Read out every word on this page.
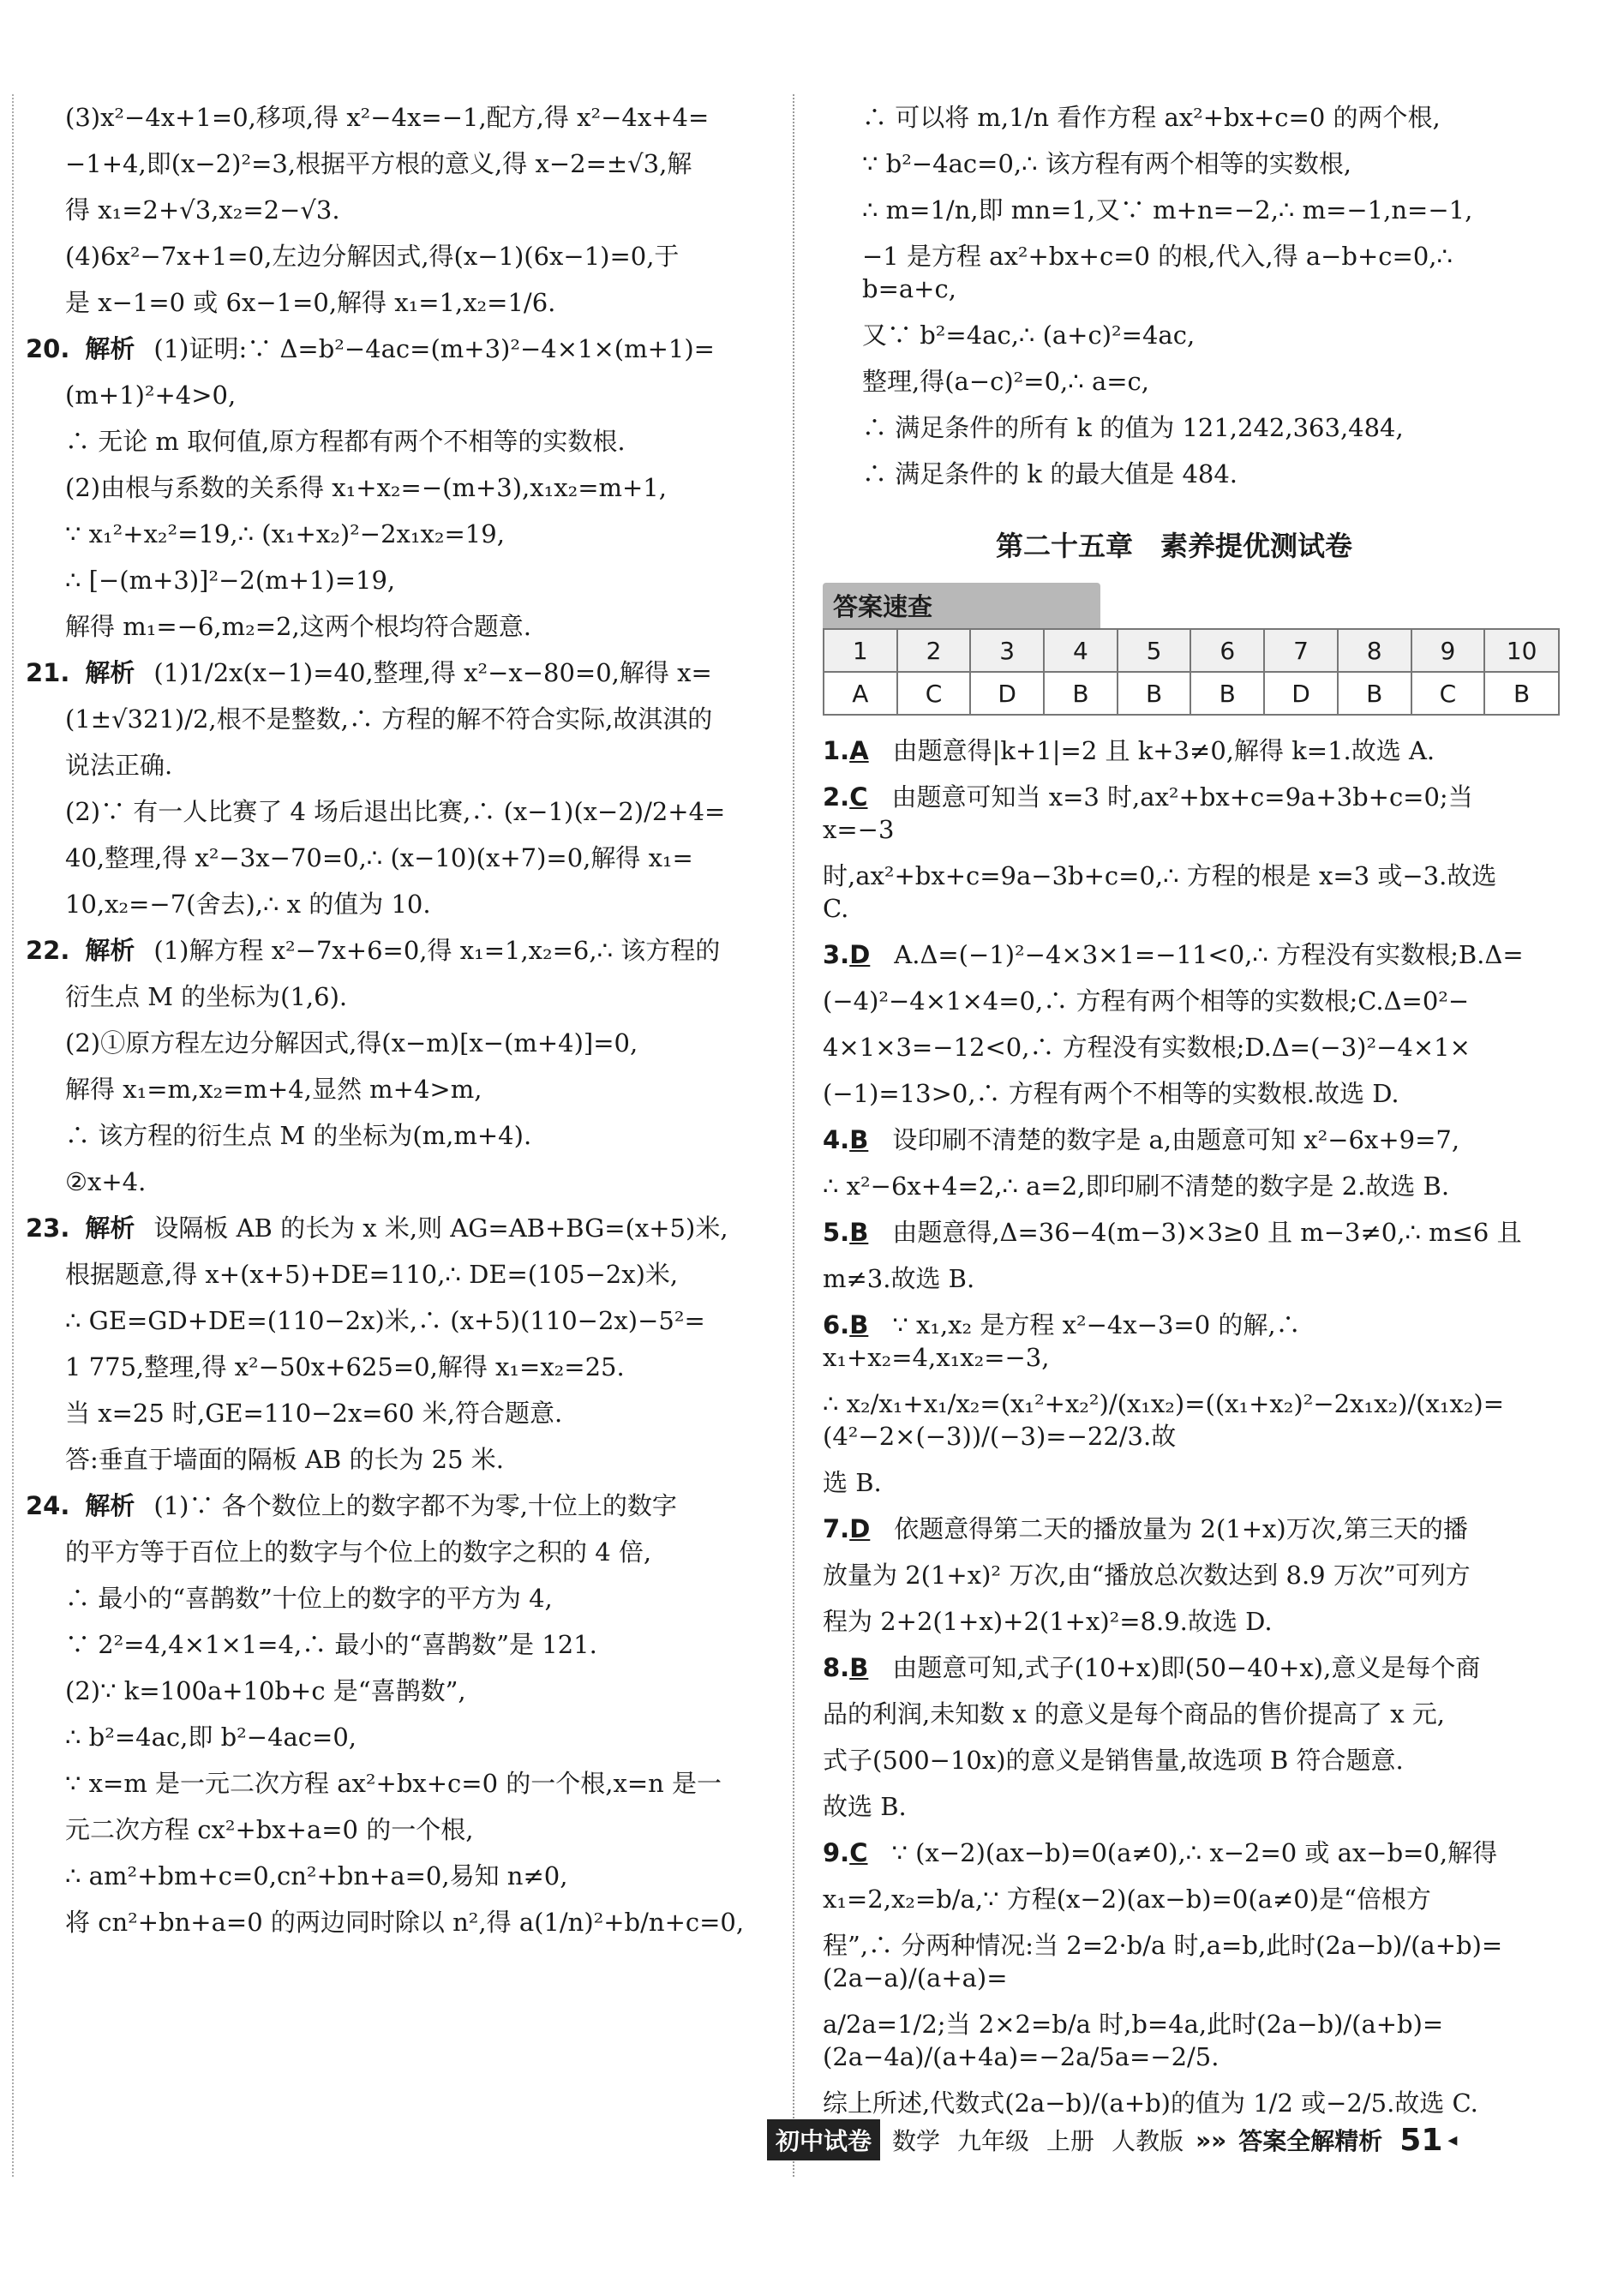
(3)x²−4x+1=0,移项,得 x²−4x=−1,配方,得 x²−4x+4=
−1+4,即(x−2)²=3,根据平方根的意义,得 x−2=±√3,解
得 x₁=2+√3,x₂=2−√3.
(4)6x²−7x+1=0,左边分解因式,得(x−1)(6x−1)=0,于
是 x−1=0 或 6x−1=0,解得 x₁=1,x₂=1/6.
20. 解析 (1)证明:∵ Δ=b²−4ac=(m+3)²−4×1×(m+1)=
(m+1)²+4>0,
∴ 无论 m 取何值,原方程都有两个不相等的实数根.
(2)由根与系数的关系得 x₁+x₂=−(m+3),x₁x₂=m+1,
∵ x₁²+x₂²=19,∴ (x₁+x₂)²−2x₁x₂=19,
∴ [−(m+3)]²−2(m+1)=19,
解得 m₁=−6,m₂=2,这两个根均符合题意.
21. 解析 (1)1/2x(x−1)=40,整理,得 x²−x−80=0,解得 x=
(1±√321)/2,根不是整数,∴ 方程的解不符合实际,故淇淇的
说法正确.
(2)∵ 有一人比赛了 4 场后退出比赛,∴ (x−1)(x−2)/2+4=
40,整理,得 x²−3x−70=0,∴ (x−10)(x+7)=0,解得 x₁=
10,x₂=−7(舍去),∴ x 的值为 10.
22. 解析 (1)解方程 x²−7x+6=0,得 x₁=1,x₂=6,∴ 该方程的
衍生点 M 的坐标为(1,6).
(2)①原方程左边分解因式,得(x−m)[x−(m+4)]=0,
解得 x₁=m,x₂=m+4,显然 m+4>m,
∴ 该方程的衍生点 M 的坐标为(m,m+4).
②x+4.
23. 解析 设隔板 AB 的长为 x 米,则 AG=AB+BG=(x+5)米,
根据题意,得 x+(x+5)+DE=110,∴ DE=(105−2x)米,
∴ GE=GD+DE=(110−2x)米,∴ (x+5)(110−2x)−5²=
1 775,整理,得 x²−50x+625=0,解得 x₁=x₂=25.
当 x=25 时,GE=110−2x=60 米,符合题意.
答:垂直于墙面的隔板 AB 的长为 25 米.
24. 解析 (1)∵ 各个数位上的数字都不为零,十位上的数字
的平方等于百位上的数字与个位上的数字之积的 4 倍,
∴ 最小的“喜鹊数”十位上的数字的平方为 4,
∵ 2²=4,4×1×1=4,∴ 最小的“喜鹊数”是 121.
(2)∵ k=100a+10b+c 是“喜鹊数”,
∴ b²=4ac,即 b²−4ac=0,
∵ x=m 是一元二次方程 ax²+bx+c=0 的一个根,x=n 是一
元二次方程 cx²+bx+a=0 的一个根,
∴ am²+bm+c=0,cn²+bn+a=0,易知 n≠0,
将 cn²+bn+a=0 的两边同时除以 n²,得 a(1/n)²+b/n+c=0,
∴ 可以将 m,1/n 看作方程 ax²+bx+c=0 的两个根,
∵ b²−4ac=0,∴ 该方程有两个相等的实数根,
∴ m=1/n,即 mn=1,又∵ m+n=−2,∴ m=−1,n=−1,
−1 是方程 ax²+bx+c=0 的根,代入,得 a−b+c=0,∴ b=a+c,
又∵ b²=4ac,∴ (a+c)²=4ac,
整理,得(a−c)²=0,∴ a=c,
∴ 满足条件的所有 k 的值为 121,242,363,484,
∴ 满足条件的 k 的最大值是 484.
第二十五章　素养提优测试卷
答案速查
1	2	3	4	5	6	7	8	9	10
A	C	D	B	B	B	D	B	C	B
1.A 由题意得|k+1|=2 且 k+3≠0,解得 k=1.故选 A.
2.C 由题意可知当 x=3 时,ax²+bx+c=9a+3b+c=0;当 x=−3
时,ax²+bx+c=9a−3b+c=0,∴ 方程的根是 x=3 或−3.故选 C.
3.D A.Δ=(−1)²−4×3×1=−11<0,∴ 方程没有实数根;B.Δ=
(−4)²−4×1×4=0,∴ 方程有两个相等的实数根;C.Δ=0²−
4×1×3=−12<0,∴ 方程没有实数根;D.Δ=(−3)²−4×1×
(−1)=13>0,∴ 方程有两个不相等的实数根.故选 D.
4.B 设印刷不清楚的数字是 a,由题意可知 x²−6x+9=7,
∴ x²−6x+4=2,∴ a=2,即印刷不清楚的数字是 2.故选 B.
5.B 由题意得,Δ=36−4(m−3)×3≥0 且 m−3≠0,∴ m≤6 且
m≠3.故选 B.
6.B ∵ x₁,x₂ 是方程 x²−4x−3=0 的解,∴ x₁+x₂=4,x₁x₂=−3,
∴ x₂/x₁+x₁/x₂=(x₁²+x₂²)/(x₁x₂)=((x₁+x₂)²−2x₁x₂)/(x₁x₂)=(4²−2×(−3))/(−3)=−22/3.故
选 B.
7.D 依题意得第二天的播放量为 2(1+x)万次,第三天的播
放量为 2(1+x)² 万次,由“播放总次数达到 8.9 万次”可列方
程为 2+2(1+x)+2(1+x)²=8.9.故选 D.
8.B 由题意可知,式子(10+x)即(50−40+x),意义是每个商
品的利润,未知数 x 的意义是每个商品的售价提高了 x 元,
式子(500−10x)的意义是销售量,故选项 B 符合题意.
故选 B.
9.C ∵ (x−2)(ax−b)=0(a≠0),∴ x−2=0 或 ax−b=0,解得
x₁=2,x₂=b/a,∵ 方程(x−2)(ax−b)=0(a≠0)是“倍根方
程”,∴ 分两种情况:当 2=2·b/a 时,a=b,此时(2a−b)/(a+b)=(2a−a)/(a+a)=
a/2a=1/2;当 2×2=b/a 时,b=4a,此时(2a−b)/(a+b)=(2a−4a)/(a+4a)=−2a/5a=−2/5.
综上所述,代数式(2a−b)/(a+b)的值为 1/2 或−2/5.故选 C.
初中试卷 数学 九年级 上册 人教版 »» 答案全解精析 51 ◂
